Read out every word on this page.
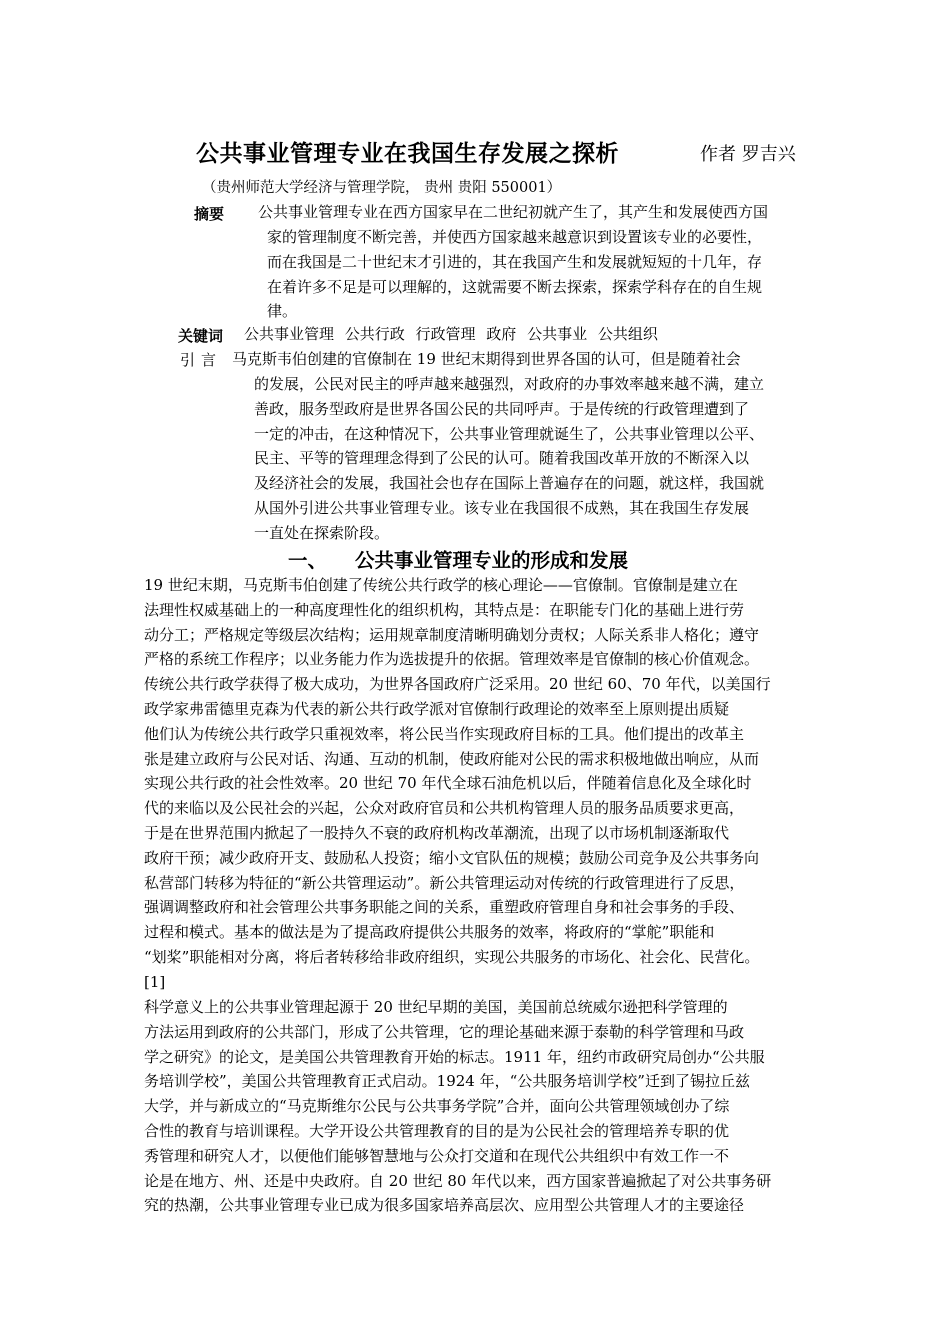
公共事业管理专业在我国生存发展之探析	作者 罗吉兴
（贵州师范大学经济与管理学院， 贵州 贵阳 550001）
摘要 公共事业管理专业在西方国家早在二世纪初就产生了，其产生和发展使西方国
家的管理制度不断完善，并使西方国家越来越意识到设置该专业的必要性，
而在我国是二十世纪末才引进的，其在我国产生和发展就短短的十几年，存
在着许多不足是可以理解的，这就需要不断去探索，探索学科存在的自生规
律。
关键词 公共事业管理 公共行政 行政管理 政府 公共事业 公共组织
引言 马克斯韦伯创建的官僚制在 19 世纪末期得到世界各国的认可，但是随着社会
的发展，公民对民主的呼声越来越强烈，对政府的办事效率越来越不满，建立
善政，服务型政府是世界各国公民的共同呼声。于是传统的行政管理遭到了
一定的冲击，在这种情况下，公共事业管理就诞生了，公共事业管理以公平、
民主、平等的管理理念得到了公民的认可。随着我国改革开放的不断深入以
及经济社会的发展，我国社会也存在国际上普遍存在的问题，就这样，我国就
从国外引进公共事业管理专业。该专业在我国很不成熟，其在我国生存发展
一直处在探索阶段。
一、 公共事业管理专业的形成和发展
19 世纪末期，马克斯韦伯创建了传统公共行政学的核心理论——官僚制。官僚制是建立在
法理性权威基础上的一种高度理性化的组织机构，其特点是：在职能专门化的基础上进行劳
动分工；严格规定等级层次结构；运用规章制度清晰明确划分责权；人际关系非人格化；遵守
严格的系统工作程序；以业务能力作为选拔提升的依据。管理效率是官僚制的核心价值观念。
传统公共行政学获得了极大成功，为世界各国政府广泛采用。20 世纪 60、70 年代，以美国行
政学家弗雷德里克森为代表的新公共行政学派对官僚制行政理论的效率至上原则提出质疑
他们认为传统公共行政学只重视效率，将公民当作实现政府目标的工具。他们提出的改革主
张是建立政府与公民对话、沟通、互动的机制，使政府能对公民的需求积极地做出响应，从而
实现公共行政的社会性效率。20 世纪 70 年代全球石油危机以后，伴随着信息化及全球化时
代的来临以及公民社会的兴起，公众对政府官员和公共机构管理人员的服务品质要求更高，
于是在世界范围内掀起了一股持久不衰的政府机构改革潮流，出现了以市场机制逐渐取代
政府干预；减少政府开支、鼓励私人投资；缩小文官队伍的规模；鼓励公司竞争及公共事务向
私营部门转移为特征的“新公共管理运动”。新公共管理运动对传统的行政管理进行了反思，
强调调整政府和社会管理公共事务职能之间的关系，重塑政府管理自身和社会事务的手段、
过程和模式。基本的做法是为了提高政府提供公共服务的效率，将政府的“掌舵”职能和
“划桨”职能相对分离，将后者转移给非政府组织，实现公共服务的市场化、社会化、民营化。
[1]
科学意义上的公共事业管理起源于 20 世纪早期的美国，美国前总统威尔逊把科学管理的
方法运用到政府的公共部门，形成了公共管理，它的理论基础来源于泰勒的科学管理和马政
学之研究》的论文，是美国公共管理教育开始的标志。1911 年，纽约市政研究局创办“公共服
务培训学校”，美国公共管理教育正式启动。1924 年，“公共服务培训学校”迁到了锡拉丘兹
大学，并与新成立的“马克斯维尔公民与公共事务学院”合并，面向公共管理领域创办了综
合性的教育与培训课程。大学开设公共管理教育的目的是为公民社会的管理培养专职的优
秀管理和研究人才，以便他们能够智慧地与公众打交道和在现代公共组织中有效工作一不
论是在地方、州、还是中央政府。自 20 世纪 80 年代以来，西方国家普遍掀起了对公共事务研
究的热潮，公共事业管理专业已成为很多国家培养高层次、应用型公共管理人才的主要途径
